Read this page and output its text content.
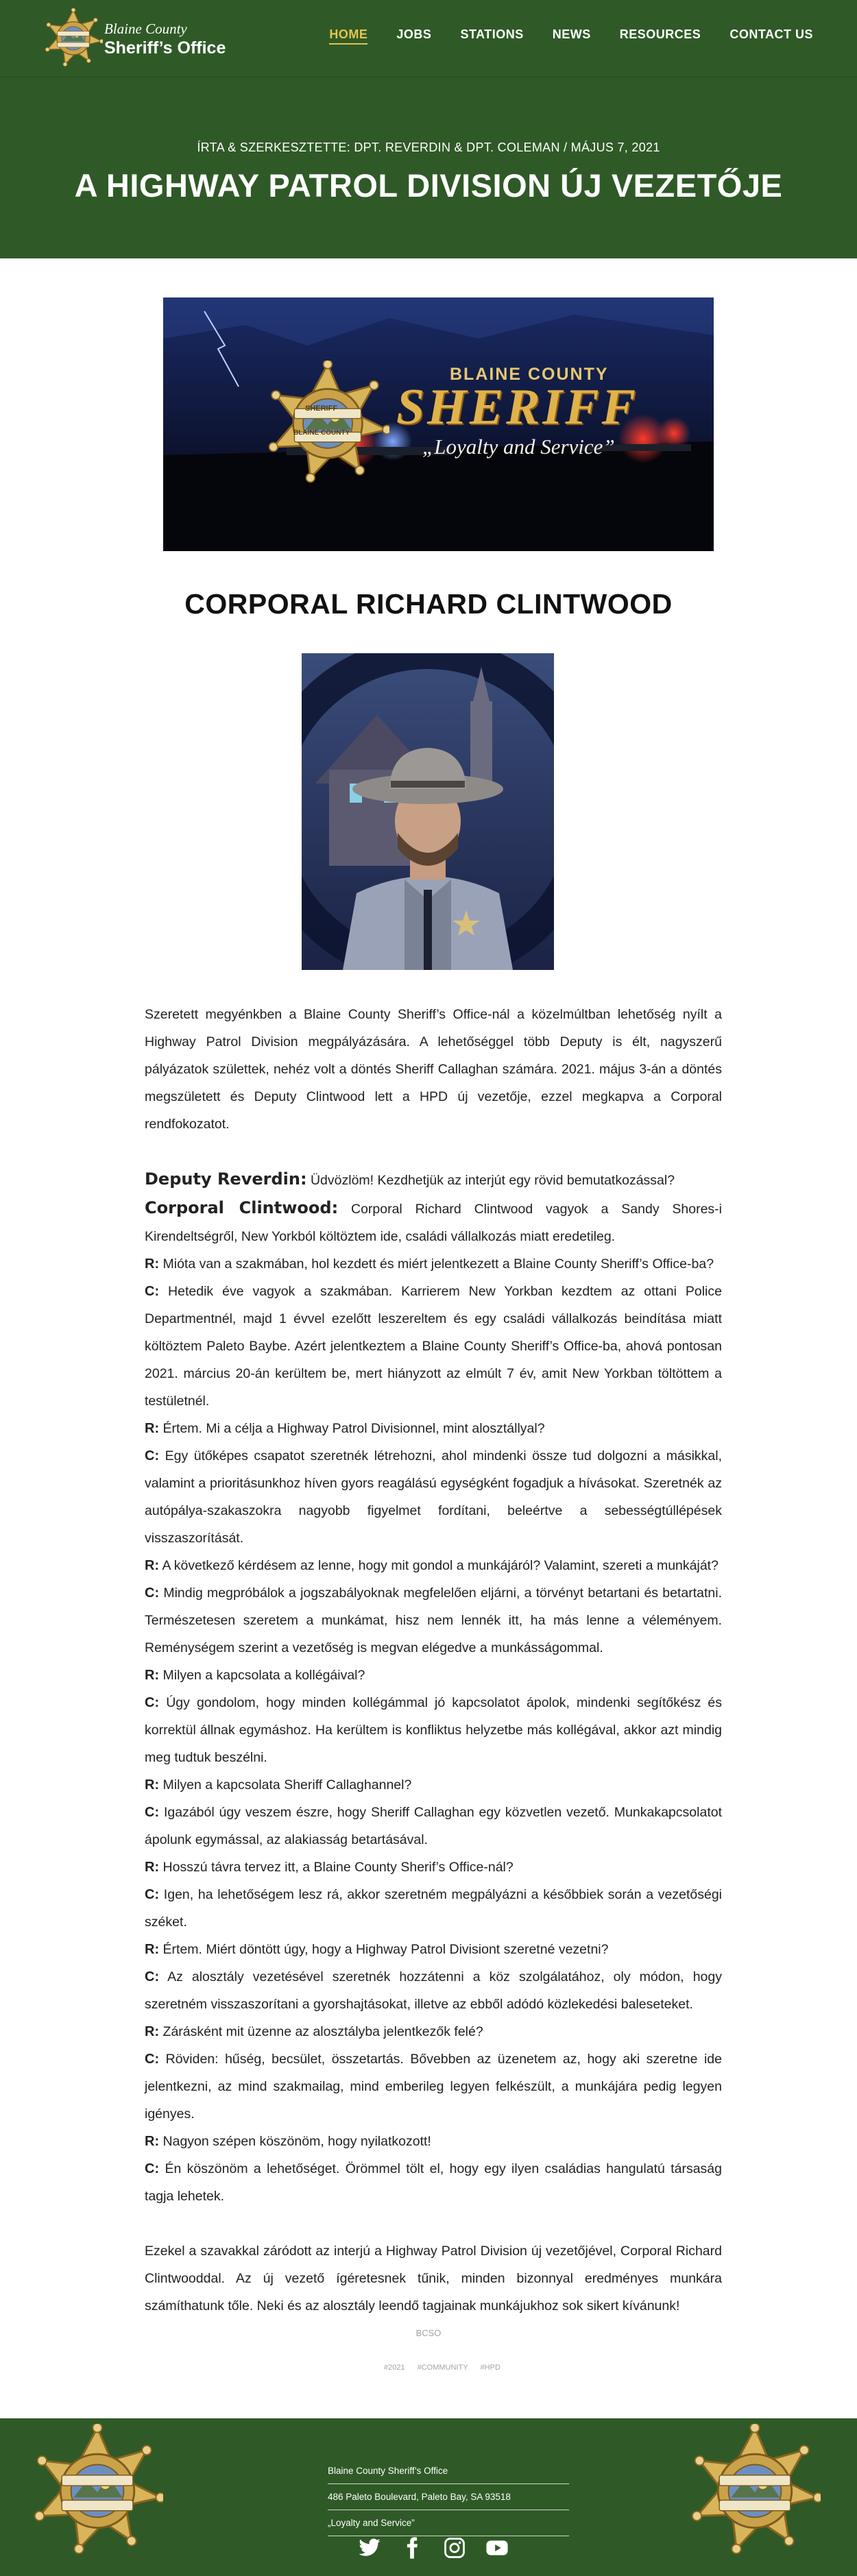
Blaine County
Sheriff’s Office
HOME JOBS STATIONS NEWS RESOURCES CONTACT US
ÍRTA & SZERKESZTETTE: DPT. REVERDIN & DPT. COLEMAN / MÁJUS 7, 2021
A HIGHWAY PATROL DIVISION ÚJ VEZETŐJE
SHERIFF
BLAINE COUNTY
BLAINE COUNTY
SHERIFF
„Loyalty and Service”
CORPORAL RICHARD CLINTWOOD

Szeretett megyénkben a Blaine County Sheriff’s Office-nál a közelmúltban lehetőség nyílt a Highway Patrol Division megpályázására. A lehetőséggel több Deputy is élt, nagyszerű pályázatok születtek, nehéz volt a döntés Sheriff Callaghan számára. 2021. május 3-án a döntés megszületett és Deputy Clintwood lett a HPD új vezetője, ezzel megkapva a Corporal rendfokozatot.

Deputy Reverdin: Üdvözlöm! Kezdhetjük az interjút egy rövid bemutatkozással?

Corporal Clintwood: Corporal Richard Clintwood vagyok a Sandy Shores-i Kirendeltségről, New Yorkból költöztem ide, családi vállalkozás miatt eredetileg.

R: Mióta van a szakmában, hol kezdett és miért jelentkezett a Blaine County Sheriff’s Office-ba?

C: Hetedik éve vagyok a szakmában. Karrierem New Yorkban kezdtem az ottani Police Departmentnél, majd 1 évvel ezelőtt leszereltem és egy családi vállalkozás beindítása miatt költöztem Paleto Baybe. Azért jelentkeztem a Blaine County Sheriff’s Office-ba, ahová pontosan 2021. március 20-án kerültem be, mert hiányzott az elmúlt 7 év, amit New Yorkban töltöttem a testületnél.

R: Értem. Mi a célja a Highway Patrol Divisionnel, mint alosztállyal?

C: Egy ütőképes csapatot szeretnék létrehozni, ahol mindenki össze tud dolgozni a másikkal, valamint a prioritásunkhoz híven gyors reagálású egységként fogadjuk a hívásokat. Szeretnék az autópálya-szakaszokra nagyobb figyelmet fordítani, beleértve a sebességtúllépések visszaszorítását.

R: A következő kérdésem az lenne, hogy mit gondol a munkájáról? Valamint, szereti a munkáját?

C: Mindig megpróbálok a jogszabályoknak megfelelően eljárni, a törvényt betartani és betartatni. Természetesen szeretem a munkámat, hisz nem lennék itt, ha más lenne a véleményem. Reménységem szerint a vezetőség is megvan elégedve a munkásságommal.

R: Milyen a kapcsolata a kollégáival?

C: Úgy gondolom, hogy minden kollégámmal jó kapcsolatot ápolok, mindenki segítőkész és korrektül állnak egymáshoz. Ha kerültem is konfliktus helyzetbe más kollégával, akkor azt mindig meg tudtuk beszélni.

R: Milyen a kapcsolata Sheriff Callaghannel?

C: Igazából úgy veszem észre, hogy Sheriff Callaghan egy közvetlen vezető. Munkakapcsolatot ápolunk egymással, az alakiasság betartásával.

R: Hosszú távra tervez itt, a Blaine County Sherif’s Office-nál?

C: Igen, ha lehetőségem lesz rá, akkor szeretném megpályázni a későbbiek során a vezetőségi széket.

R: Értem. Miért döntött úgy, hogy a Highway Patrol Divisiont szeretné vezetni?

C: Az alosztály vezetésével szeretnék hozzátenni a köz szolgálatához, oly módon, hogy szeretném visszaszorítani a gyorshajtásokat, illetve az ebből adódó közlekedési baleseteket.

R: Zárásként mit üzenne az alosztályba jelentkezők felé?

C: Röviden: hűség, becsület, összetartás. Bővebben az üzenetem az, hogy aki szeretne ide jelentkezni, az mind szakmailag, mind emberileg legyen felkészült, a munkájára pedig legyen igényes.

R: Nagyon szépen köszönöm, hogy nyilatkozott!

C: Én köszönöm a lehetőséget. Örömmel tölt el, hogy egy ilyen családias hangulatú társaság tagja lehetek.

Ezekel a szavakkal záródott az interjú a Highway Patrol Division új vezetőjével, Corporal Richard Clintwooddal. Az új vezető ígéretesnek tűnik, minden bizonnyal eredményes munkára számíthatunk tőle. Neki és az alosztály leendő tagjainak munkájukhoz sok sikert kívánunk!

BCSO
#2021 #COMMUNITY #HPD
Blaine County Sheriff’s Office
486 Paleto Boulevard, Paleto Bay, SA 93518
„Loyalty and Service”
